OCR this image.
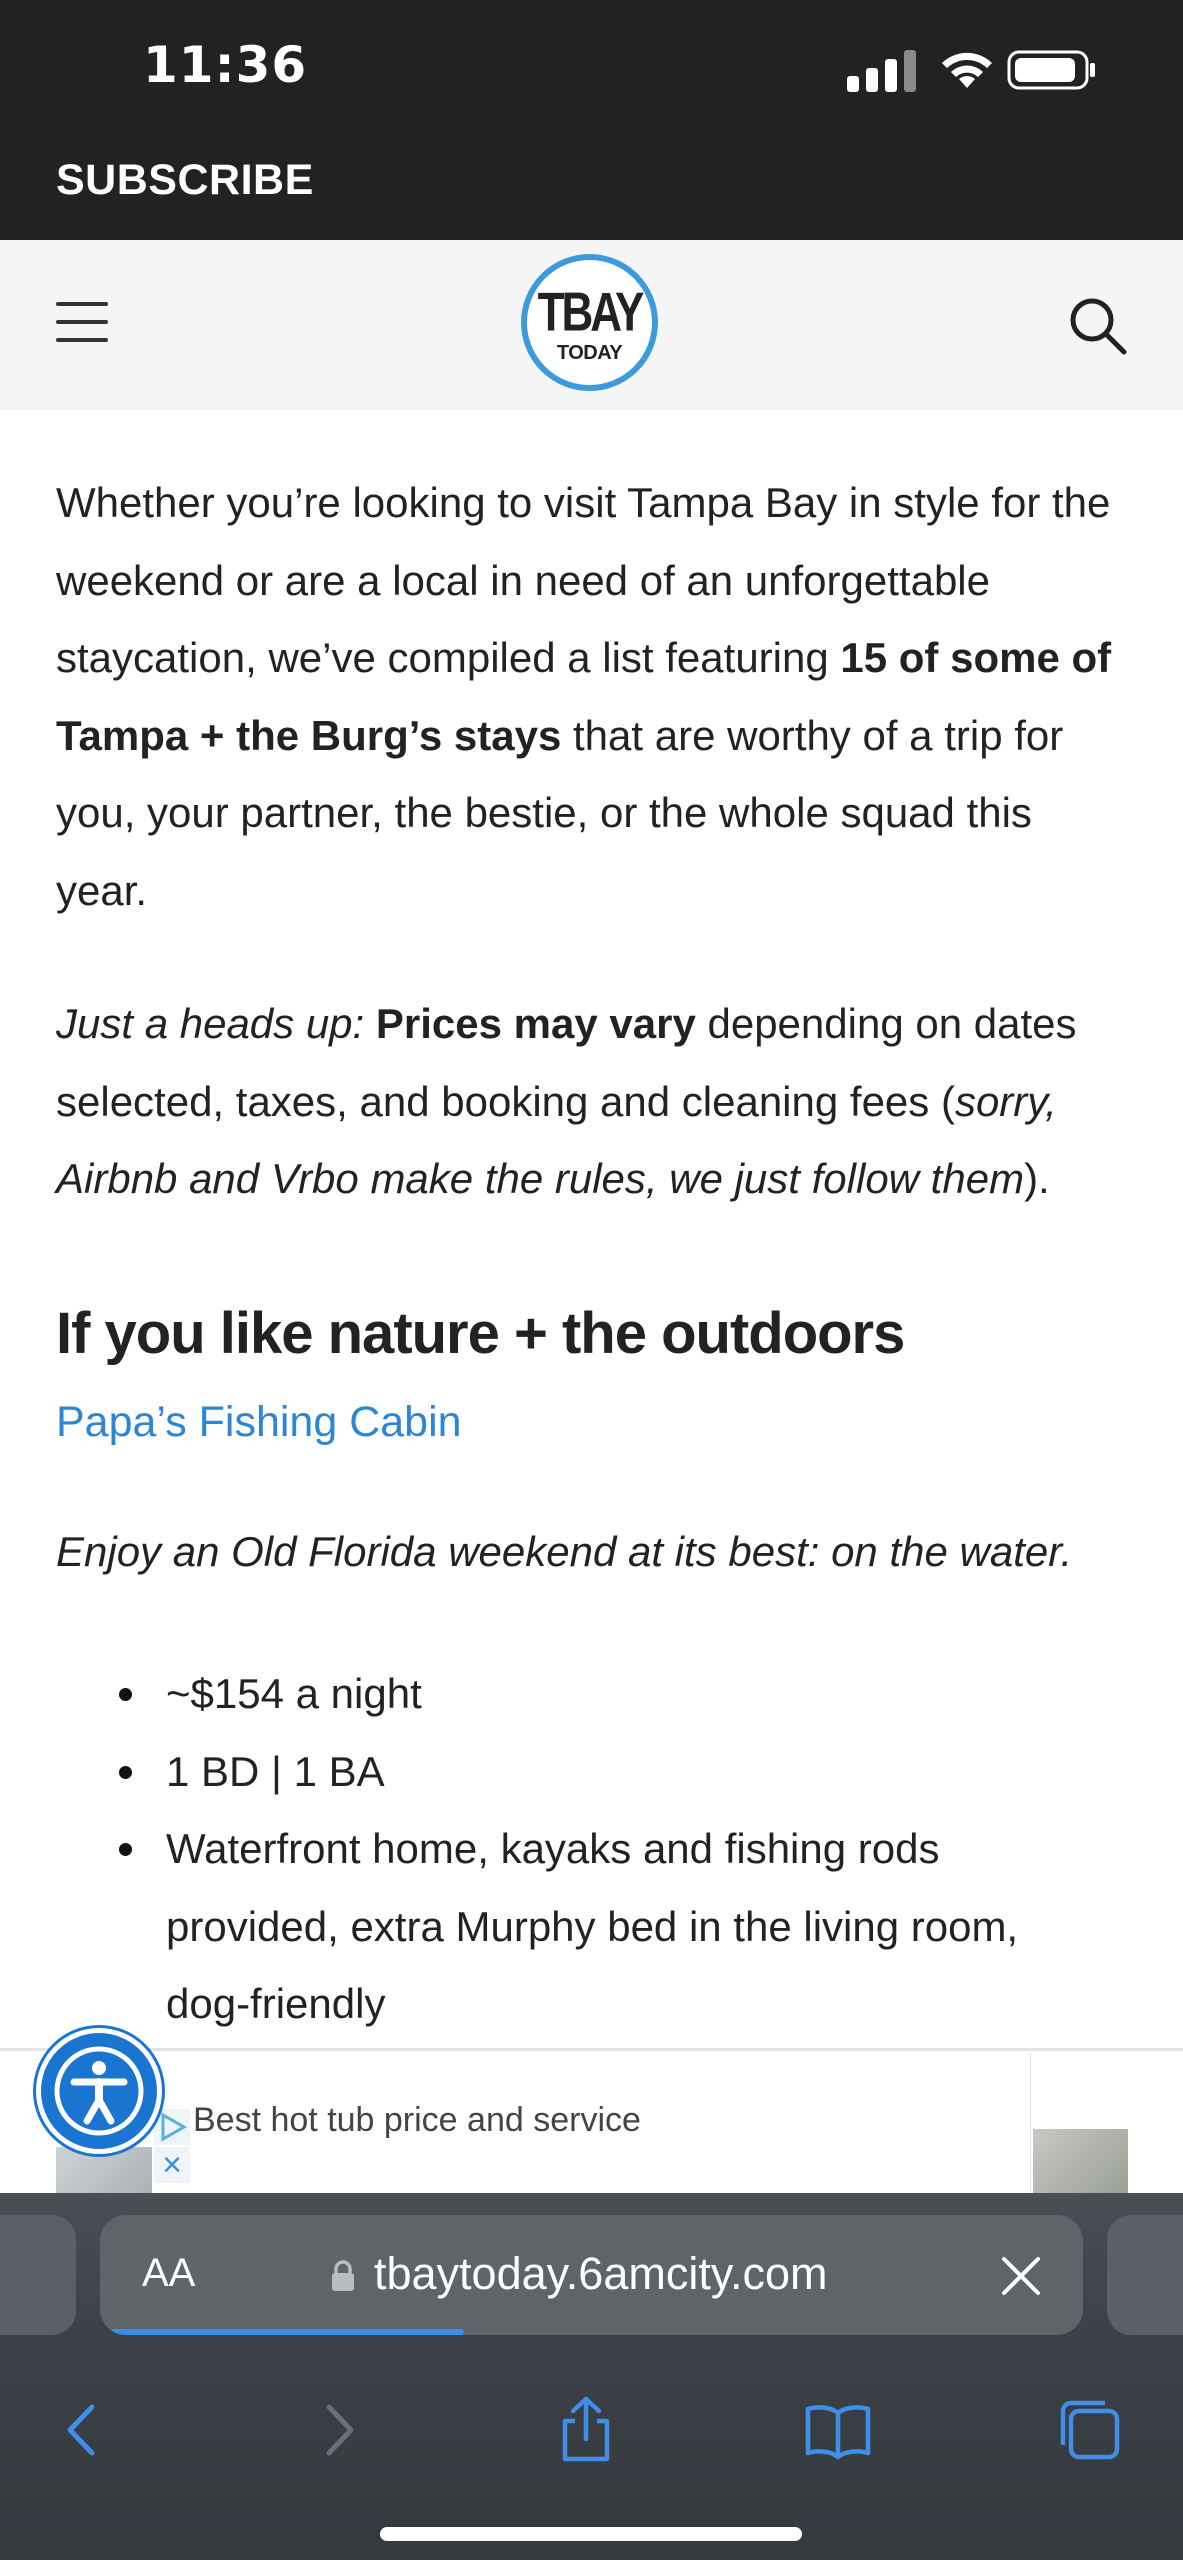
11:36
SUBSCRIBE
TBAY
TODAY

Whether you’re looking to visit Tampa Bay in style for the weekend or are a local in need of an unforgettable staycation, we’ve compiled a list featuring 15 of some of Tampa + the Burg’s stays that are worthy of a trip for you, your partner, the bestie, or the whole squad this year.

Just a heads up: Prices may vary depending on dates selected, taxes, and booking and cleaning fees (sorry, Airbnb and Vrbo make the rules, we just follow them).

If you like nature + the outdoors
Papa’s Fishing Cabin

Enjoy an Old Florida weekend at its best: on the water.

~$154 a night
1 BD | 1 BA
Waterfront home, kayaks and fishing rods provided, extra Murphy bed in the living room, dog-friendly
×
Best hot tub price and service
AA	tbaytoday.6amcity.com
